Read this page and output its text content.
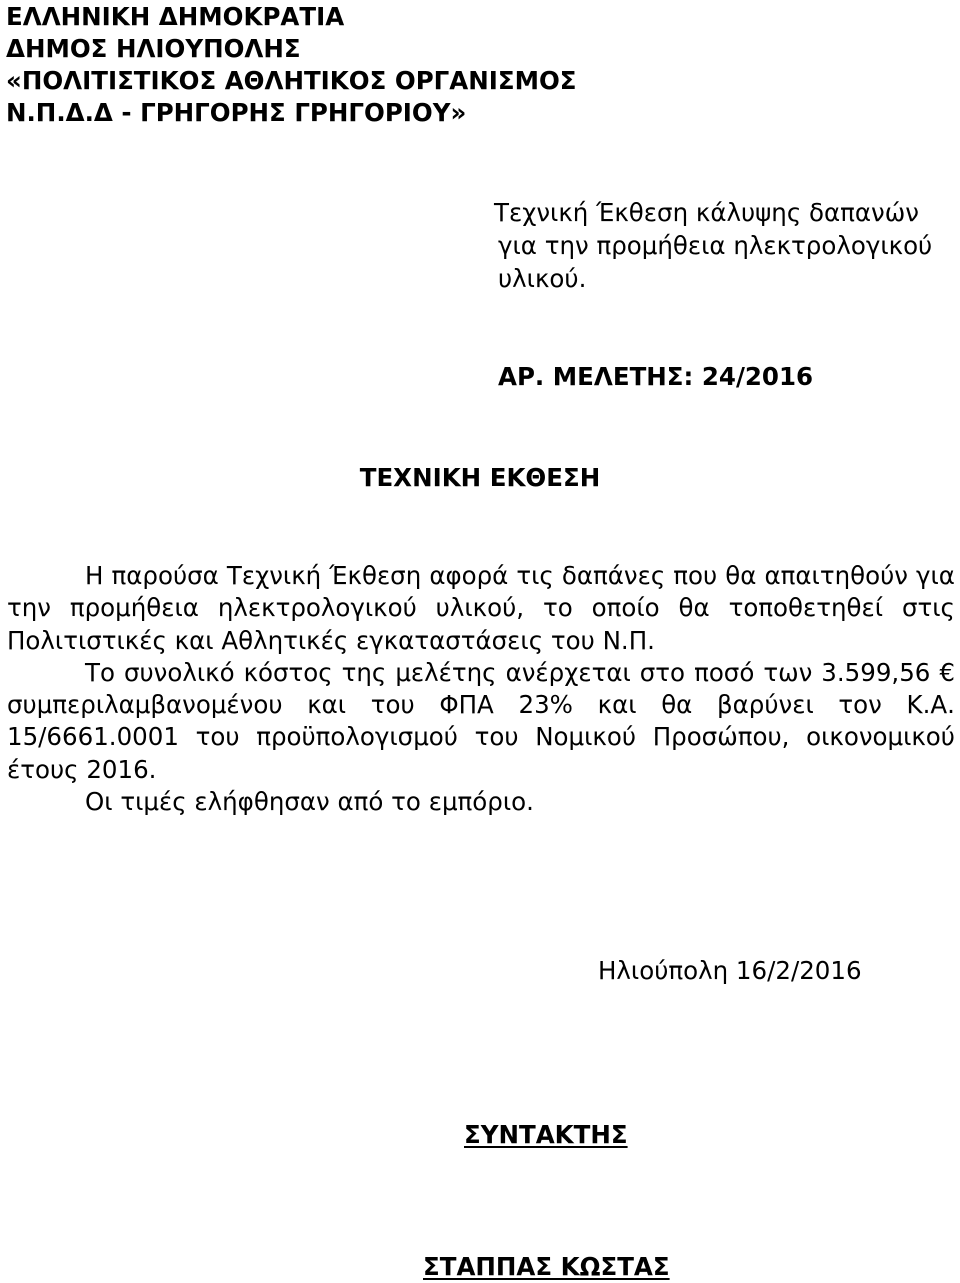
ΕΛΛΗΝΙΚΗ ΔΗΜΟΚΡΑΤΙΑ
ΔΗΜΟΣ ΗΛΙΟΥΠΟΛΗΣ
«ΠΟΛΙΤΙΣΤΙΚΟΣ ΑΘΛΗΤΙΚΟΣ ΟΡΓΑΝΙΣΜΟΣ
Ν.Π.Δ.Δ - ΓΡΗΓΟΡΗΣ ΓΡΗΓΟΡΙΟΥ»
Τεχνική Έκθεση κάλυψης δαπανών
για την προμήθεια ηλεκτρολογικού
υλικού.
ΑΡ. ΜΕΛΕΤΗΣ: 24/2016
ΤΕΧΝΙΚΗ ΕΚΘΕΣΗ
Η παρούσα Τεχνική Έκθεση αφορά τις δαπάνες που θα απαιτηθούν για
την προμήθεια ηλεκτρολογικού υλικού, το οποίο θα τοποθετηθεί στις
Πολιτιστικές και Αθλητικές εγκαταστάσεις του Ν.Π.
Το συνολικό κόστος της μελέτης ανέρχεται στο ποσό των 3.599,56 €
συμπεριλαμβανομένου και του ΦΠΑ 23% και θα βαρύνει τον Κ.Α.
15/6661.0001 του προϋπολογισμού του Νομικού Προσώπου, οικονομικού
έτους 2016.
Οι τιμές ελήφθησαν από το εμπόριο.
Ηλιούπολη 16/2/2016
ΣΥΝΤΑΚΤΗΣ
ΣΤΑΠΠΑΣ ΚΩΣΤΑΣ
